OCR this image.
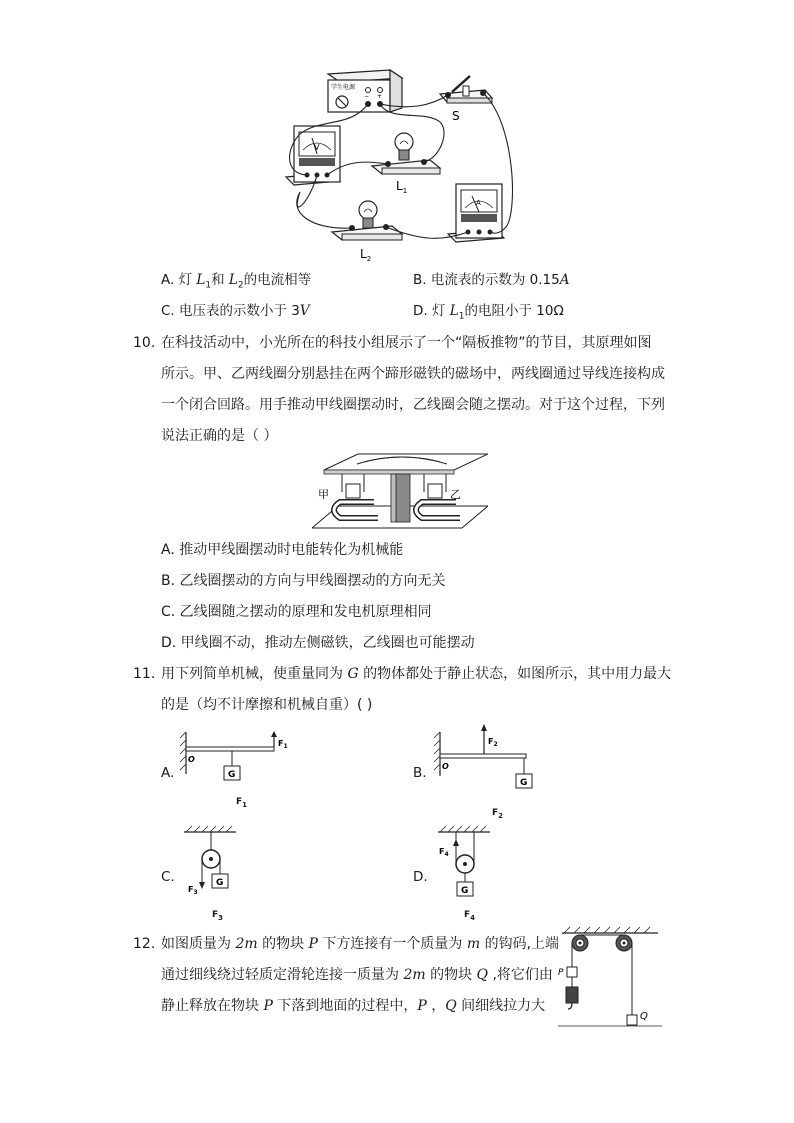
− +
学生电源
S
V
$L_1$
$L_2$
A
A. 灯 $L_1$和 $L_2$的电流相等	B. 电流表的示数为 0.15A
C. 电压表的示数小于 3V	D. 灯 $L_1$的电阻小于 10Ω
10. 在科技活动中，小光所在的科技小组展示了一个“隔板推物”的节目，其原理如图
所示。甲、乙两线圈分别悬挂在两个蹄形磁铁的磁场中，两线圈通过导线连接构成
一个闭合回路。用手推动甲线圈摆动时，乙线圈会随之摆动。对于这个过程，下列
说法正确的是（ ）
甲	乙
A. 推动甲线圈摆动时电能转化为机械能
B. 乙线圈摆动的方向与甲线圈摆动的方向无关
C. 乙线圈随之摆动的原理和发电机原理相同
D. 甲线圈不动，推动左侧磁铁，乙线圈也可能摆动
11. 用下列简单机械，使重量同为 G 的物体都处于静止状态，如图所示，其中用力最大
的是（均不计摩擦和机械自重）( )
A.	G
O
$F_1$
$F_1$
B.
G
O
$F_2$
$F_2$
C.	G
$F_3$
$F_3$
D.
G
$F_4$
$F_4$
12. 如图质量为 2m 的物块 P 下方连接有一个质量为 m 的钩码,上端
通过细线绕过轻质定滑轮连接一质量为 2m 的物块 Q ,将它们由
静止释放在物块 P 下落到地面的过程中，P ，Q 间细线拉力大
P
Q
